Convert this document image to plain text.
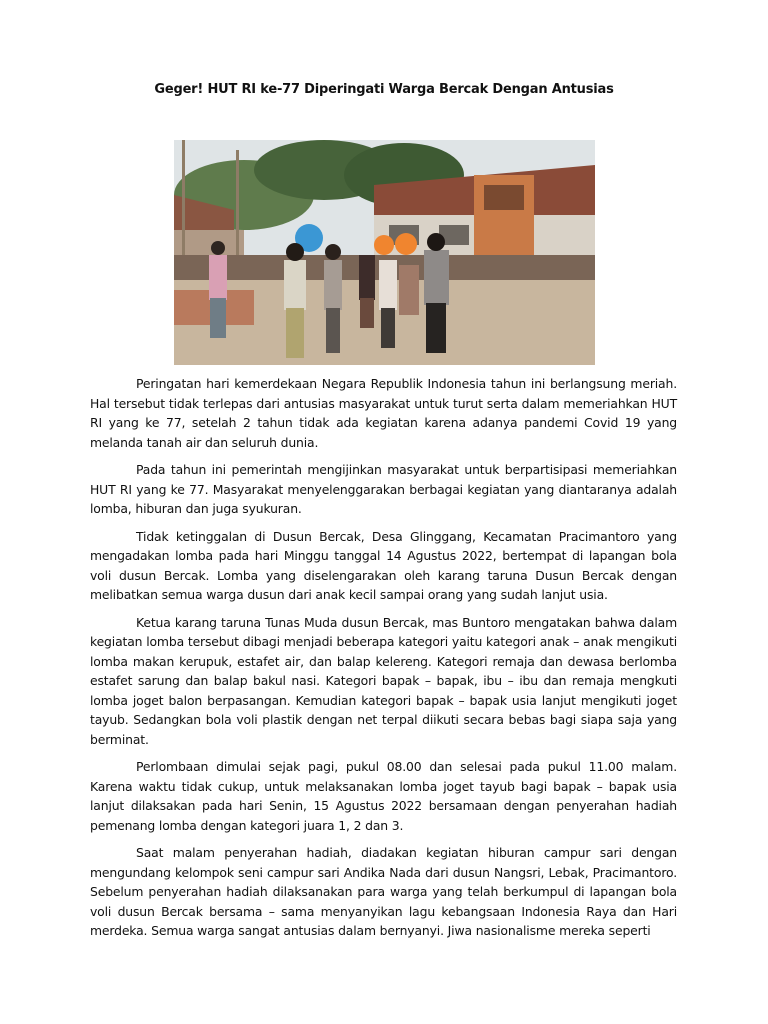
Geger! HUT RI ke-77 Diperingati Warga Bercak Dengan Antusias

Peringatan hari kemerdekaan Negara Republik Indonesia tahun ini berlangsung meriah. Hal tersebut tidak terlepas dari antusias masyarakat untuk turut serta dalam memeriahkan HUT RI yang ke 77, setelah 2 tahun tidak ada kegiatan karena adanya pandemi Covid 19 yang melanda tanah air dan seluruh dunia.

Pada tahun ini pemerintah mengijinkan masyarakat untuk berpartisipasi memeriahkan HUT RI yang ke 77. Masyarakat menyelenggarakan berbagai kegiatan yang diantaranya adalah lomba, hiburan dan juga syukuran.

Tidak ketinggalan di Dusun Bercak, Desa Glinggang, Kecamatan Pracimantoro yang mengadakan lomba pada hari Minggu tanggal 14 Agustus 2022, bertempat di lapangan bola voli dusun Bercak. Lomba yang diselengarakan oleh karang taruna Dusun Bercak dengan melibatkan semua warga dusun dari anak kecil sampai orang yang sudah lanjut usia.

Ketua karang taruna Tunas Muda dusun Bercak, mas Buntoro mengatakan bahwa dalam kegiatan lomba tersebut dibagi menjadi beberapa kategori yaitu kategori anak – anak mengikuti lomba makan kerupuk, estafet air, dan balap kelereng. Kategori remaja dan dewasa berlomba estafet sarung dan balap bakul nasi. Kategori bapak – bapak, ibu – ibu dan remaja mengkuti lomba joget balon berpasangan. Kemudian kategori bapak – bapak usia lanjut mengikuti joget tayub. Sedangkan bola voli plastik dengan net terpal diikuti secara bebas bagi siapa saja yang berminat.

Perlombaan dimulai sejak pagi, pukul 08.00 dan selesai pada pukul 11.00 malam. Karena waktu tidak cukup, untuk melaksanakan lomba joget tayub bagi bapak – bapak usia lanjut dilaksakan pada hari Senin, 15 Agustus 2022 bersamaan dengan penyerahan hadiah pemenang lomba dengan kategori juara 1, 2 dan 3.

Saat malam penyerahan hadiah, diadakan kegiatan hiburan campur sari dengan mengundang kelompok seni campur sari Andika Nada dari dusun Nangsri, Lebak, Pracimantoro. Sebelum penyerahan hadiah dilaksanakan para warga yang telah berkumpul di lapangan bola voli dusun Bercak bersama – sama menyanyikan lagu kebangsaan Indonesia Raya dan Hari merdeka. Semua warga sangat antusias dalam bernyanyi. Jiwa nasionalisme mereka seperti
